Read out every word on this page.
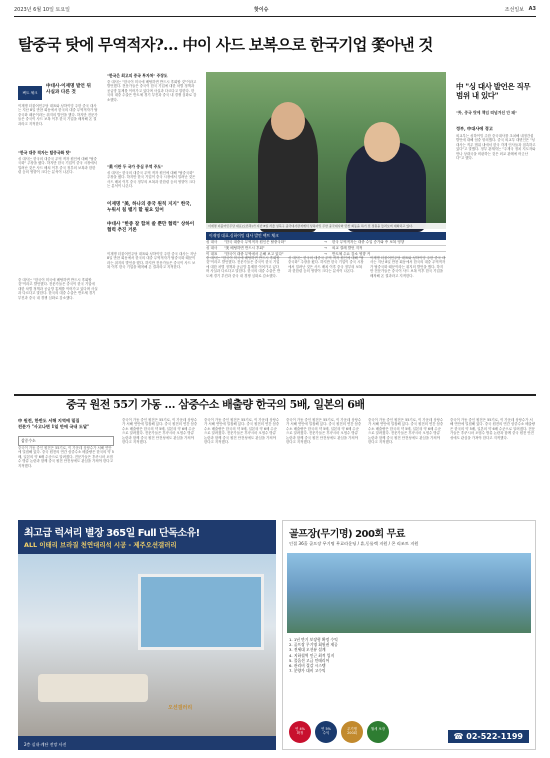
2023년 6월 10일 토요일	핫이슈	조선일보 A3
탈중국 탓에 무역적자?… 中이 사드 보복으로 한국기업 쫓아낸 것
팩트 체크
中대사·이재명 발언 뒤 사실과 다른 것
이재명 더불어민주당 대표와 싱하이밍 주한 중국 대사는 지난 8일 만찬 회동에서 한국의 대중 무역적자가 탈중국화 때문이라는 취지의 발언을 했다. 하지만 전문가들은 중국이 사드 보복 이후 한국 기업을 배척해 온 결과라고 지적한다.
"한국 대중 적자는 탈중국화 탓"
싱 대사는 한국의 대중국 무역 적자 원인에 대해 "탈중국화" 주장을 폈다. 하지만 한국 기업이 중국 시장에서 밀려난 것은 사드 배치 이후 중국 정부의 보복과 한한령 등의 영향이 크다는 분석이 나온다.
중 대사는 "한국이 미국에 베팅하면 반드시 후회할 것"이라고 발언했다. 전문가들은 중국이 한국 기업에 대한 차별 정책과 공급망 통제를 이어가고 있다며 사실과 다르다고 말한다. 한국의 대중 수출은 반도체 경기 부진과 중국 내 경쟁 심화로 감소했다.
"한국은 최고의 중국 투자처" 주장도
중 대사는 "한국이 미국에 베팅하면 반드시 후회할 것"이라고 발언했다. 전문가들은 중국이 한국 기업에 대한 차별 정책과 공급망 통제를 이어가고 있다며 사실과 다르다고 말한다. 한국의 대중 수출은 반도체 경기 부진과 중국 내 경쟁 심화로 감소했다.
"美 이란 두 국가 중심 무역 주도"
싱 대사는 한국의 대중국 무역 적자 원인에 대해 "탈중국화" 주장을 폈다. 하지만 한국 기업이 중국 시장에서 밀려난 것은 사드 배치 이후 중국 정부의 보복과 한한령 등의 영향이 크다는 분석이 나온다.
이재명 "美, 하나의 중국 원칙 지지" 한국, 누워서 침 뱉기 할 필요 있어
中대사 "한중 잘 합쳐 쓸 뿐만 협력" 상하이 협력 추진 거론
이재명 더불어민주당 대표와 싱하이밍 주한 중국 대사는 지난 8일 만찬 회동에서 한국의 대중 무역적자가 탈중국화 때문이라는 취지의 발언을 했다. 하지만 전문가들은 중국이 사드 보복 이후 한국 기업을 배척해 온 결과라고 지적한다.
이재명 더불어민주당 대표(오른쪽)가 지난 8일 서울 성북구 중국대사관저에서 싱하이밍 주한 중국대사와 만찬 회동을 하기 전 정원을 둘러보며 대화하고 있다.
이재명 대표-싱하이밍 대사 발언 팩트 체크
싱 대사	"한국 대중국 무역적자 원인은 탈중국화"	→	한국 무역적자는 대중 수입 증가와 中 보복 영향
싱 대사	"美 베팅하면 반드시 후회"	→	외교 결례 발언 지적
이 대표	"한국이 대중 무역에서 손해 보고 있다"	→	반도체 수요 감소 영향 커
중 대사는 "한국이 미국에 베팅하면 반드시 후회할 것"이라고 발언했다. 전문가들은 중국이 한국 기업에 대한 차별 정책과 공급망 통제를 이어가고 있다며 사실과 다르다고 말한다. 한국의 대중 수출은 반도체 경기 부진과 중국 내 경쟁 심화로 감소했다.
싱 대사는 한국의 대중국 무역 적자 원인에 대해 "탈중국화" 주장을 폈다. 하지만 한국 기업이 중국 시장에서 밀려난 것은 사드 배치 이후 중국 정부의 보복과 한한령 등의 영향이 크다는 분석이 나온다.
이재명 더불어민주당 대표와 싱하이밍 주한 중국 대사는 지난 8일 만찬 회동에서 한국의 대중 무역적자가 탈중국화 때문이라는 취지의 발언을 했다. 하지만 전문가들은 중국이 사드 보복 이후 한국 기업을 배척해 온 결과라고 지적한다.
中 "싱 대사 발언은 직무 범위 내 있다"
"外, 중국 탓에 책임 떠넘겨선 안 돼"
정부, 中대사에 경고
외교부는 싱하이밍 주한 중국대사를 초치해 내정간섭 발언에 대해 엄중 항의했다. 중국 외교부 대변인은 "싱 대사는 직무 범위 내에서 한국 각계 인사들과 접촉하고 있다"고 말했다. 정부 관계자는 "주재국 정치 지도자와 만나 상대국을 비판하는 것은 외교 관례에 어긋난다"고 했다.
중국 원전 55기 가동 … 삼중수소 배출량 한국의 5배, 일본의 6배
中 원전, 한반도 서해 지역에 밀집
전문가 "사고나면 1일 만에 국내 도달"
삼중수소
중국이 가동 중인 원전은 55기로, 이 가운데 상당수가 서해 연안에 밀집해 있다. 중국 원전의 연간 삼중수소 배출량은 한국의 약 5배, 일본의 약 6배 수준으로 알려졌다. 전문가들은 후쿠시마 오염수 방류 논란과 함께 중국 원전 안전성에도 관심을 가져야 한다고 지적했다.
중국이 가동 중인 원전은 55기로, 이 가운데 상당수가 서해 연안에 밀집해 있다. 중국 원전의 연간 삼중수소 배출량은 한국의 약 5배, 일본의 약 6배 수준으로 알려졌다. 전문가들은 후쿠시마 오염수 방류 논란과 함께 중국 원전 안전성에도 관심을 가져야 한다고 지적했다.
중국이 가동 중인 원전은 55기로, 이 가운데 상당수가 서해 연안에 밀집해 있다. 중국 원전의 연간 삼중수소 배출량은 한국의 약 5배, 일본의 약 6배 수준으로 알려졌다. 전문가들은 후쿠시마 오염수 방류 논란과 함께 중국 원전 안전성에도 관심을 가져야 한다고 지적했다.
중국이 가동 중인 원전은 55기로, 이 가운데 상당수가 서해 연안에 밀집해 있다. 중국 원전의 연간 삼중수소 배출량은 한국의 약 5배, 일본의 약 6배 수준으로 알려졌다. 전문가들은 후쿠시마 오염수 방류 논란과 함께 중국 원전 안전성에도 관심을 가져야 한다고 지적했다.
중국이 가동 중인 원전은 55기로, 이 가운데 상당수가 서해 연안에 밀집해 있다. 중국 원전의 연간 삼중수소 배출량은 한국의 약 5배, 일본의 약 6배 수준으로 알려졌다. 전문가들은 후쿠시마 오염수 방류 논란과 함께 중국 원전 안전성에도 관심을 가져야 한다고 지적했다.
중국이 가동 중인 원전은 55기로, 이 가운데 상당수가 서해 연안에 밀집해 있다. 중국 원전의 연간 삼중수소 배출량은 한국의 약 5배, 일본의 약 6배 수준으로 알려졌다. 전문가들은 후쿠시마 오염수 방류 논란과 함께 중국 원전 안전성에도 관심을 가져야 한다고 지적했다.
최고급 럭셔리 별장 365일 Full 단독소유!
ALL 이태리 브라질 천연대리석 시공 - 제주오션갤러리
오션갤러리
2층 실내·계단 전망 사진
골프장(무기명) 200회 무료
인접 36홀 골프장 무기명 무료라운딩 / 휴,동롤렉 지원 / 콘 리조트 지원
1. 1년 만기 보장형 확정 수익
2. 골프장 무기명 회원권 제공
3. 전세대 오션뷰 설계
4. 지하철역 인근 최적 입지
5. 풀옵션 고급 인테리어
6. 관리비 절감 시스템
7. 분양가 대비 고수익
연 4%
확정
연 5%
수익
무기명
200회
월세 보장
☎ 02-522-1199
